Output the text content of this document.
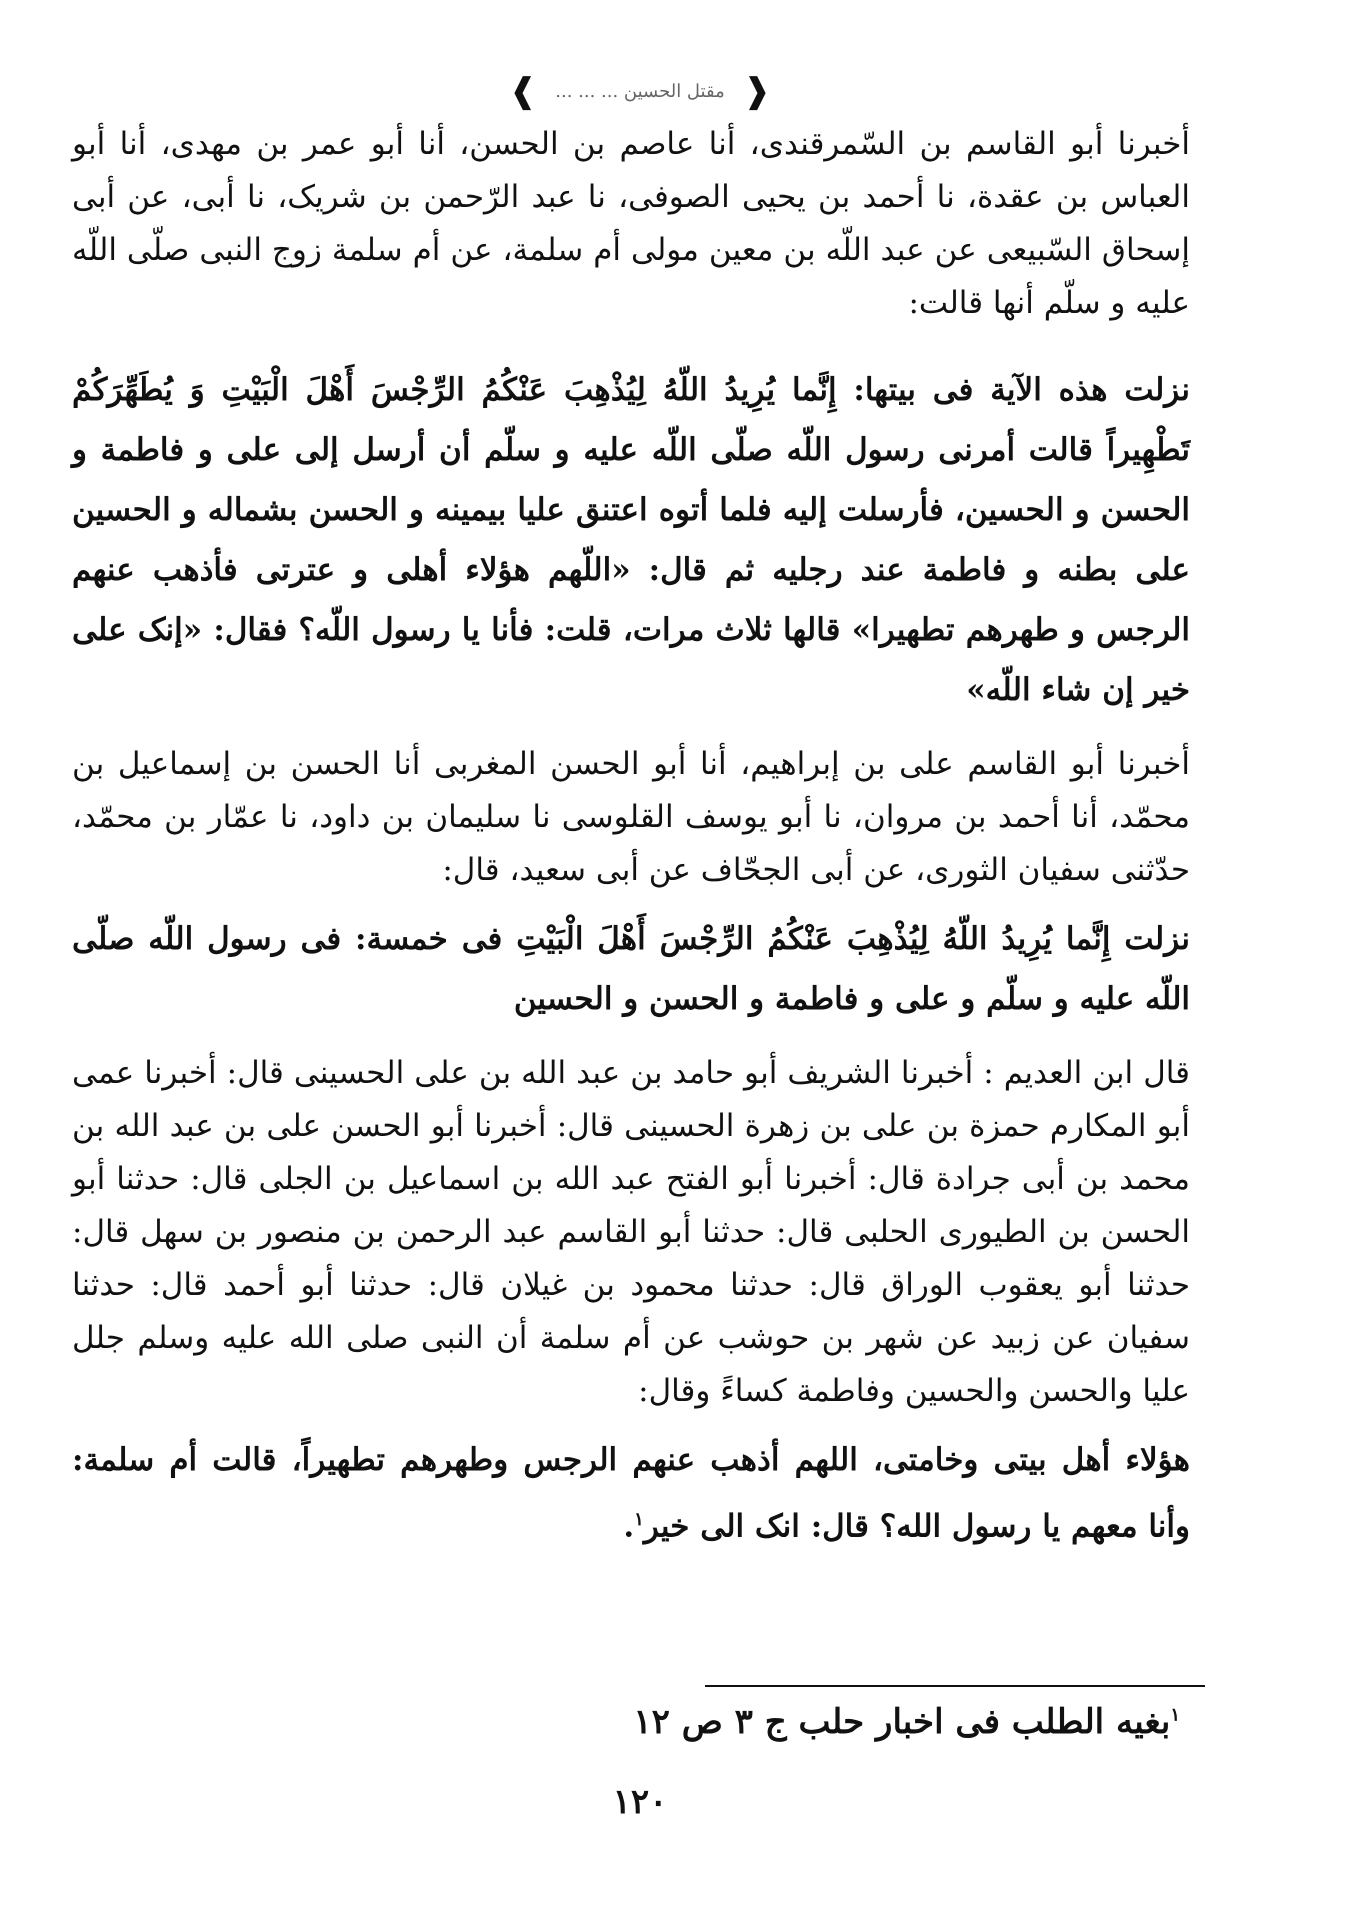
❰
مقتل الحسین ... ... ...
❱

أخبرنا أبو القاسم بن السّمرقندی، أنا عاصم بن الحسن، أنا أبو عمر بن مهدی، أنا أبو العباس بن عقدة، نا أحمد بن یحیی الصوفی، نا عبد الرّحمن بن شریک، نا أبی، عن أبی إسحاق السّبیعی عن عبد اللّه بن معین مولی أم سلمة، عن أم سلمة زوج النبی صلّی اللّه علیه و سلّم أنها قالت:

نزلت هذه الآیة فی بیتها: إِنَّما یُرِیدُ اللّهُ لِیُذْهِبَ عَنْکُمُ الرِّجْسَ أَهْلَ الْبَیْتِ وَ یُطَهِّرَکُمْ تَطْهِیراً قالت أمرنی رسول اللّه صلّی اللّه علیه و سلّم أن أرسل إلی علی و فاطمة و الحسن و الحسین، فأرسلت إلیه فلما أتوه اعتنق علیا بیمینه و الحسن بشماله و الحسین علی بطنه و فاطمة عند رجلیه ثم قال: «اللّهم هؤلاء أهلی و عترتی فأذهب عنهم الرجس و طهرهم تطهیرا» قالها ثلاث مرات، قلت: فأنا یا رسول اللّه؟ فقال: «إنک علی خیر إن شاء اللّه»

أخبرنا أبو القاسم علی بن إبراهیم، أنا أبو الحسن المغربی أنا الحسن بن إسماعیل بن محمّد، أنا أحمد بن مروان، نا أبو یوسف القلوسی نا سلیمان بن داود، نا عمّار بن محمّد، حدّثنی سفیان الثوری، عن أبی الجحّاف عن أبی سعید، قال:

نزلت إِنَّما یُرِیدُ اللّهُ لِیُذْهِبَ عَنْکُمُ الرِّجْسَ أَهْلَ الْبَیْتِ فی خمسة: فی رسول اللّه صلّی اللّه علیه و سلّم و علی و فاطمة و الحسن و الحسین

قال ابن العدیم : أخبرنا الشریف أبو حامد بن عبد الله بن علی الحسینی قال: أخبرنا عمی أبو المکارم حمزة بن علی بن زهرة الحسینی قال: أخبرنا أبو الحسن علی بن عبد الله بن محمد بن أبی جرادة قال: أخبرنا أبو الفتح عبد الله بن اسماعیل بن الجلی قال: حدثنا أبو الحسن بن الطیوری الحلبی قال: حدثنا أبو القاسم عبد الرحمن بن منصور بن سهل قال: حدثنا أبو یعقوب الوراق قال: حدثنا محمود بن غیلان قال: حدثنا أبو أحمد قال: حدثنا سفیان عن زبید عن شهر بن حوشب عن أم سلمة أن النبی صلی الله علیه وسلم جلل علیا والحسن والحسین وفاطمة کساءً وقال:

هؤلاء أهل بیتی وخامتی، اللهم أذهب عنهم الرجس وطهرهم تطهیراً، قالت أم سلمة: وأنا معهم یا رسول الله؟ قال: انک الی خیر$^١$.

$^١$بغیه الطلب فی اخبار حلب ج ٣ ص ١٢
١٢٠
